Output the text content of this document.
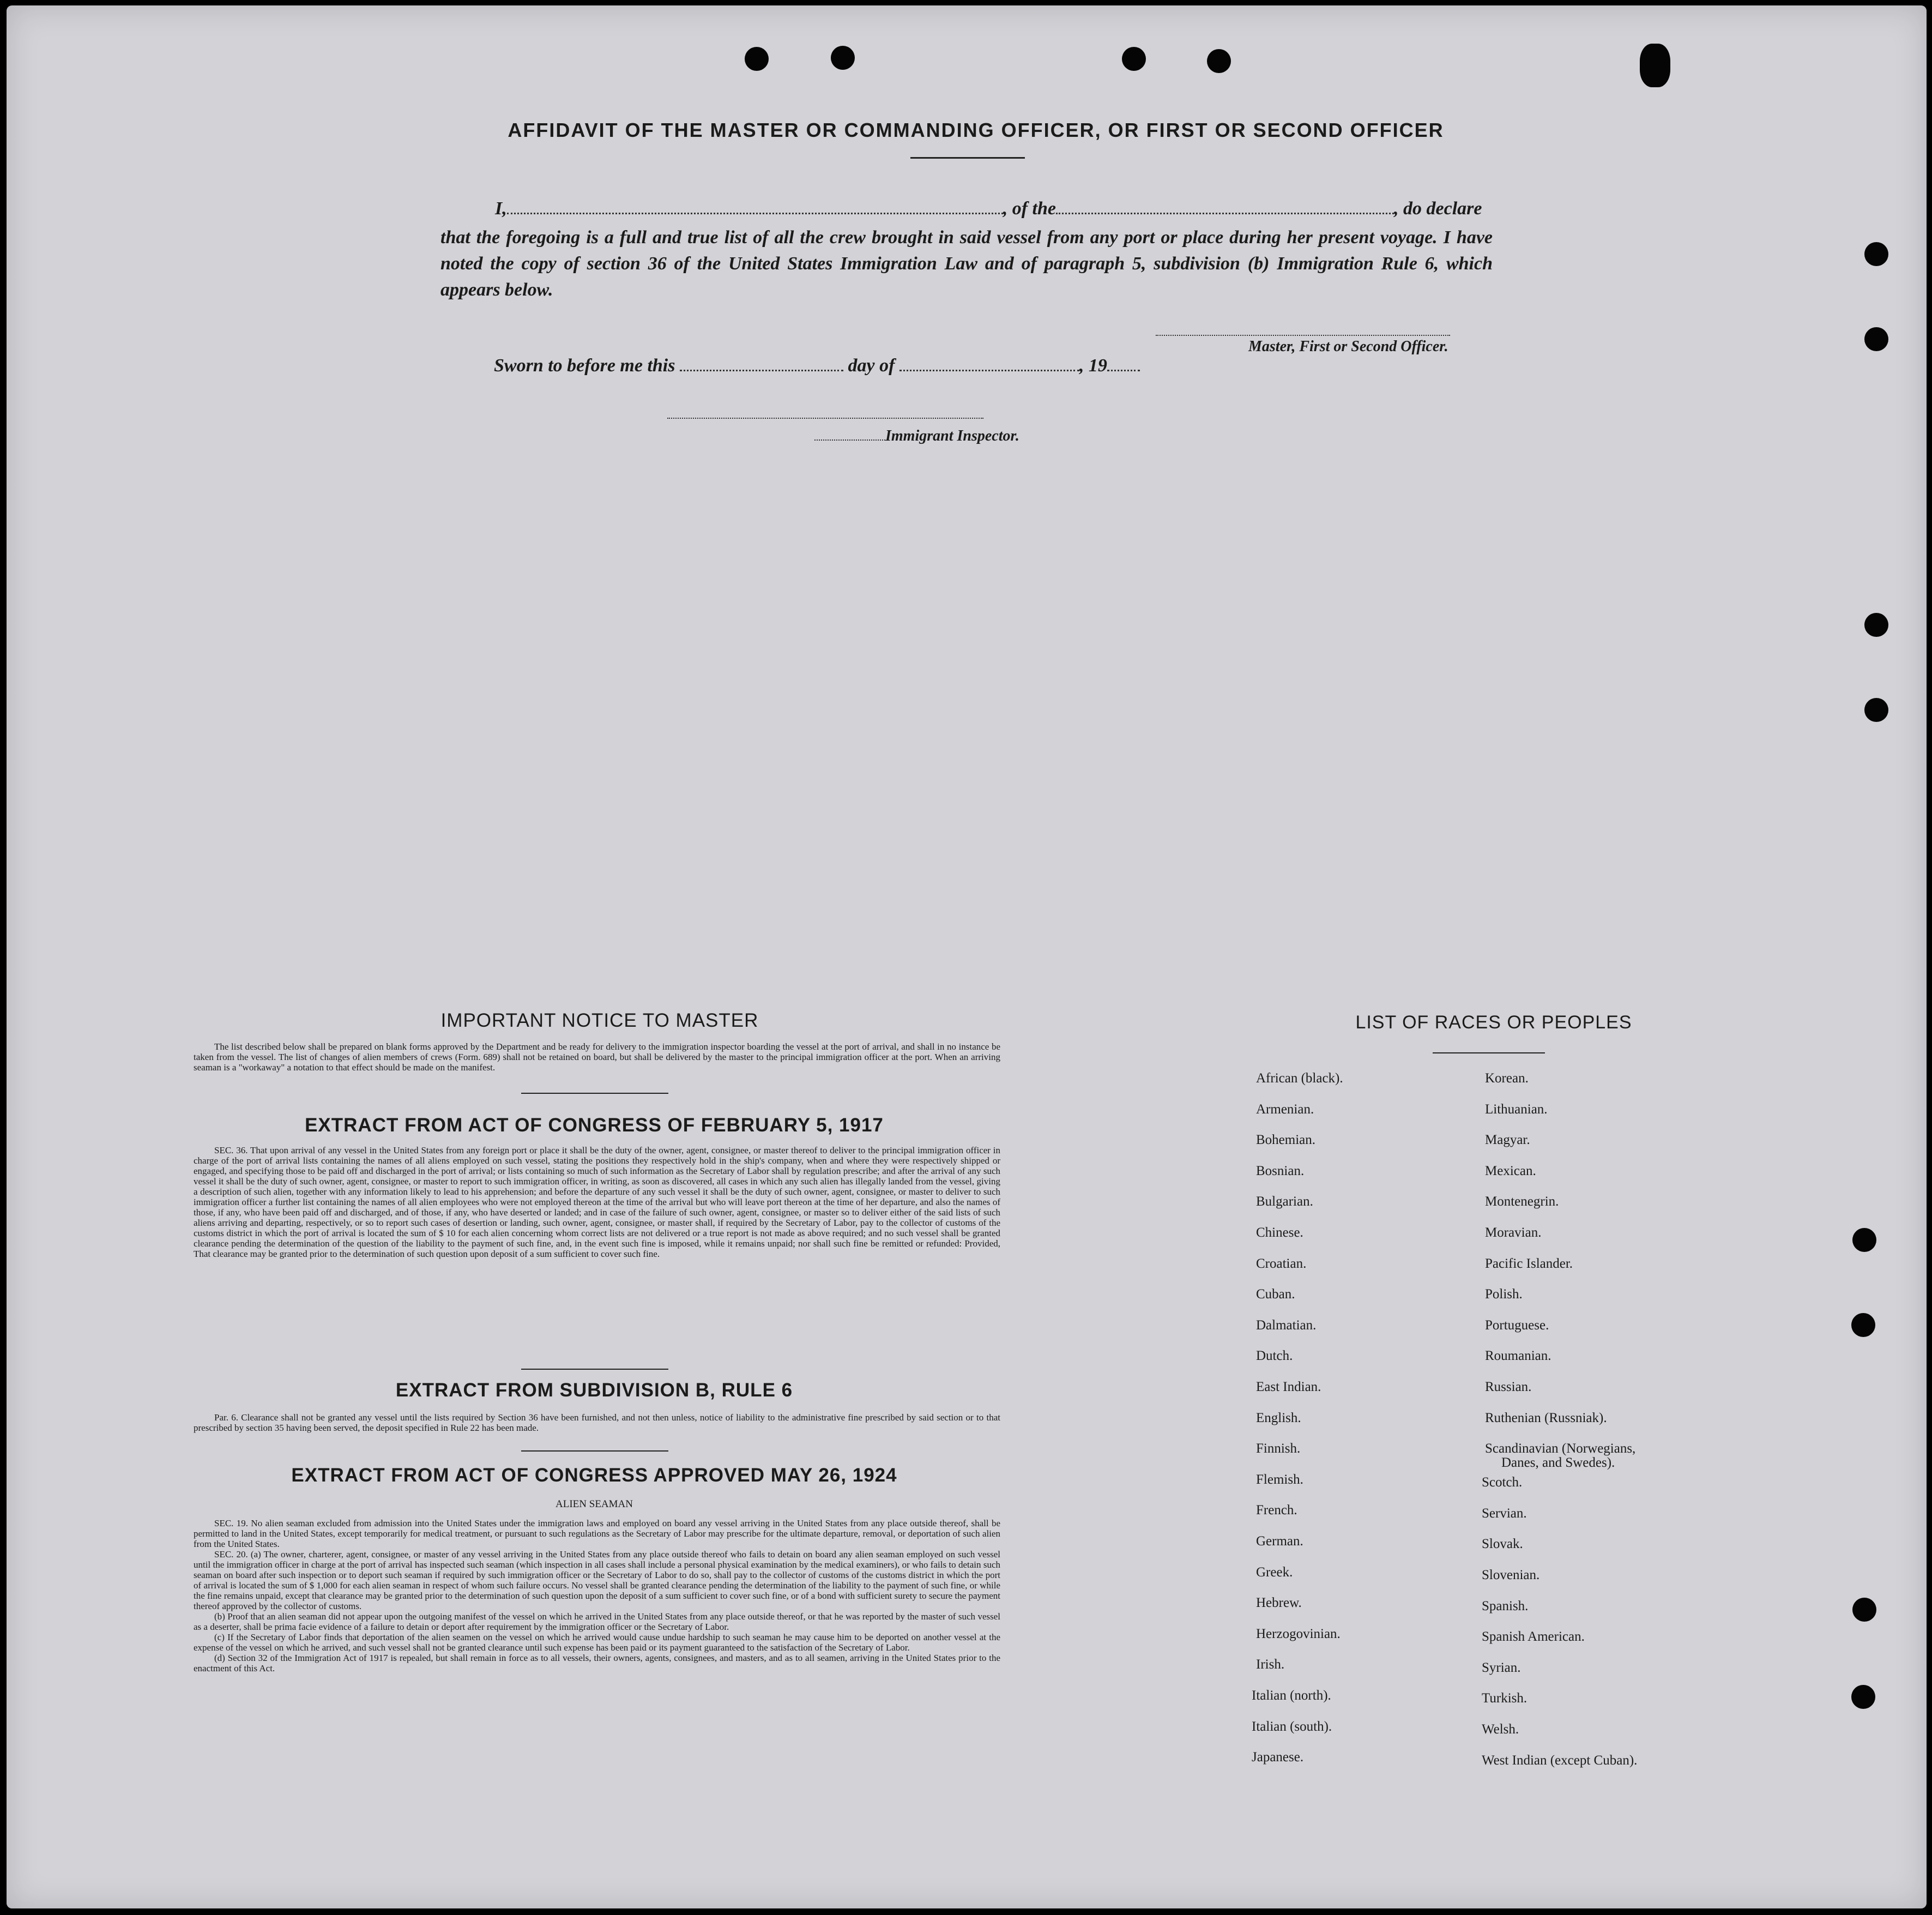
AFFIDAVIT OF THE MASTER OR COMMANDING OFFICER, OR FIRST OR SECOND OFFICER
I,	, of the	, do declare
that the foregoing is a full and true list of all the crew brought in said vessel from any port or place during her present voyage. I have noted the copy of section 36 of the United States Immigration Law and of paragraph 5, subdivision (b) Immigration Rule 6, which appears below.
Master, First or Second Officer.
Sworn to before me this	day of	, 19
Immigrant Inspector.
IMPORTANT NOTICE TO MASTER

The list described below shall be prepared on blank forms approved by the Department and be ready for delivery to the immigration inspector boarding the vessel at the port of arrival, and shall in no instance be taken from the vessel. The list of changes of alien members of crews (Form. 689) shall not be retained on board, but shall be delivered by the master to the principal immigration officer at the port. When an arriving seaman is a "workaway" a notation to that effect should be made on the manifest.

EXTRACT FROM ACT OF CONGRESS OF FEBRUARY 5, 1917

SEC. 36. That upon arrival of any vessel in the United States from any foreign port or place it shall be the duty of the owner, agent, consignee, or master thereof to deliver to the principal immigration officer in charge of the port of arrival lists containing the names of all aliens employed on such vessel, stating the positions they respectively hold in the ship's company, when and where they were respectively shipped or engaged, and specifying those to be paid off and discharged in the port of arrival; or lists containing so much of such information as the Secretary of Labor shall by regulation prescribe; and after the arrival of any such vessel it shall be the duty of such owner, agent, consignee, or master to report to such immigration officer, in writing, as soon as discovered, all cases in which any such alien has illegally landed from the vessel, giving a description of such alien, together with any information likely to lead to his apprehension; and before the departure of any such vessel it shall be the duty of such owner, agent, consignee, or master to deliver to such immigration officer a further list containing the names of all alien employees who were not employed thereon at the time of the arrival but who will leave port thereon at the time of her departure, and also the names of those, if any, who have been paid off and discharged, and of those, if any, who have deserted or landed; and in case of the failure of such owner, agent, consignee, or master so to deliver either of the said lists of such aliens arriving and departing, respectively, or so to report such cases of desertion or landing, such owner, agent, consignee, or master shall, if required by the Secretary of Labor, pay to the collector of customs of the customs district in which the port of arrival is located the sum of $ 10 for each alien concerning whom correct lists are not delivered or a true report is not made as above required; and no such vessel shall be granted clearance pending the determination of the question of the liability to the payment of such fine, and, in the event such fine is imposed, while it remains unpaid; nor shall such fine be remitted or refunded: Provided, That clearance may be granted prior to the determination of such question upon deposit of a sum sufficient to cover such fine.

EXTRACT FROM SUBDIVISION B, RULE 6

Par. 6. Clearance shall not be granted any vessel until the lists required by Section 36 have been furnished, and not then unless, notice of liability to the administrative fine prescribed by said section or to that prescribed by section 35 having been served, the deposit specified in Rule 22 has been made.

EXTRACT FROM ACT OF CONGRESS APPROVED MAY 26, 1924
ALIEN SEAMAN

SEC. 19. No alien seaman excluded from admission into the United States under the immigration laws and employed on board any vessel arriving in the United States from any place outside thereof, shall be permitted to land in the United States, except temporarily for medical treatment, or pursuant to such regulations as the Secretary of Labor may prescribe for the ultimate departure, removal, or deportation of such alien from the United States.

SEC. 20. (a) The owner, charterer, agent, consignee, or master of any vessel arriving in the United States from any place outside thereof who fails to detain on board any alien seaman employed on such vessel until the immigration officer in charge at the port of arrival has inspected such seaman (which inspection in all cases shall include a personal physical examination by the medical examiners), or who fails to detain such seaman on board after such inspection or to deport such seaman if required by such immigration officer or the Secretary of Labor to do so, shall pay to the collector of customs of the customs district in which the port of arrival is located the sum of $ 1,000 for each alien seaman in respect of whom such failure occurs. No vessel shall be granted clearance pending the determination of the liability to the payment of such fine, or while the fine remains unpaid, except that clearance may be granted prior to the determination of such question upon the deposit of a sum sufficient to cover such fine, or of a bond with sufficient surety to secure the payment thereof approved by the collector of customs.

(b) Proof that an alien seaman did not appear upon the outgoing manifest of the vessel on which he arrived in the United States from any place outside thereof, or that he was reported by the master of such vessel as a deserter, shall be prima facie evidence of a failure to detain or deport after requirement by the immigration officer or the Secretary of Labor.

(c) If the Secretary of Labor finds that deportation of the alien seamen on the vessel on which he arrived would cause undue hardship to such seaman he may cause him to be deported on another vessel at the expense of the vessel on which he arrived, and such vessel shall not be granted clearance until such expense has been paid or its payment guaranteed to the satisfaction of the Secretary of Labor.

(d) Section 32 of the Immigration Act of 1917 is repealed, but shall remain in force as to all vessels, their owners, agents, consignees, and masters, and as to all seamen, arriving in the United States prior to the enactment of this Act.

LIST OF RACES OR PEOPLES
African (black).
Armenian.
Bohemian.
Bosnian.
Bulgarian.
Chinese.
Croatian.
Cuban.
Dalmatian.
Dutch.
East Indian.
English.
Finnish.
Flemish.
French.
German.
Greek.
Hebrew.
Herzogovinian.
Irish.
Italian (north).
Italian (south).
Japanese.
Korean.
Lithuanian.
Magyar.
Mexican.
Montenegrin.
Moravian.
Pacific Islander.
Polish.
Portuguese.
Roumanian.
Russian.
Ruthenian (Russniak).
Scandinavian (Norwegians,
Danes, and Swedes).
Scotch.
Servian.
Slovak.
Slovenian.
Spanish.
Spanish American.
Syrian.
Turkish.
Welsh.
West Indian (except Cuban).
